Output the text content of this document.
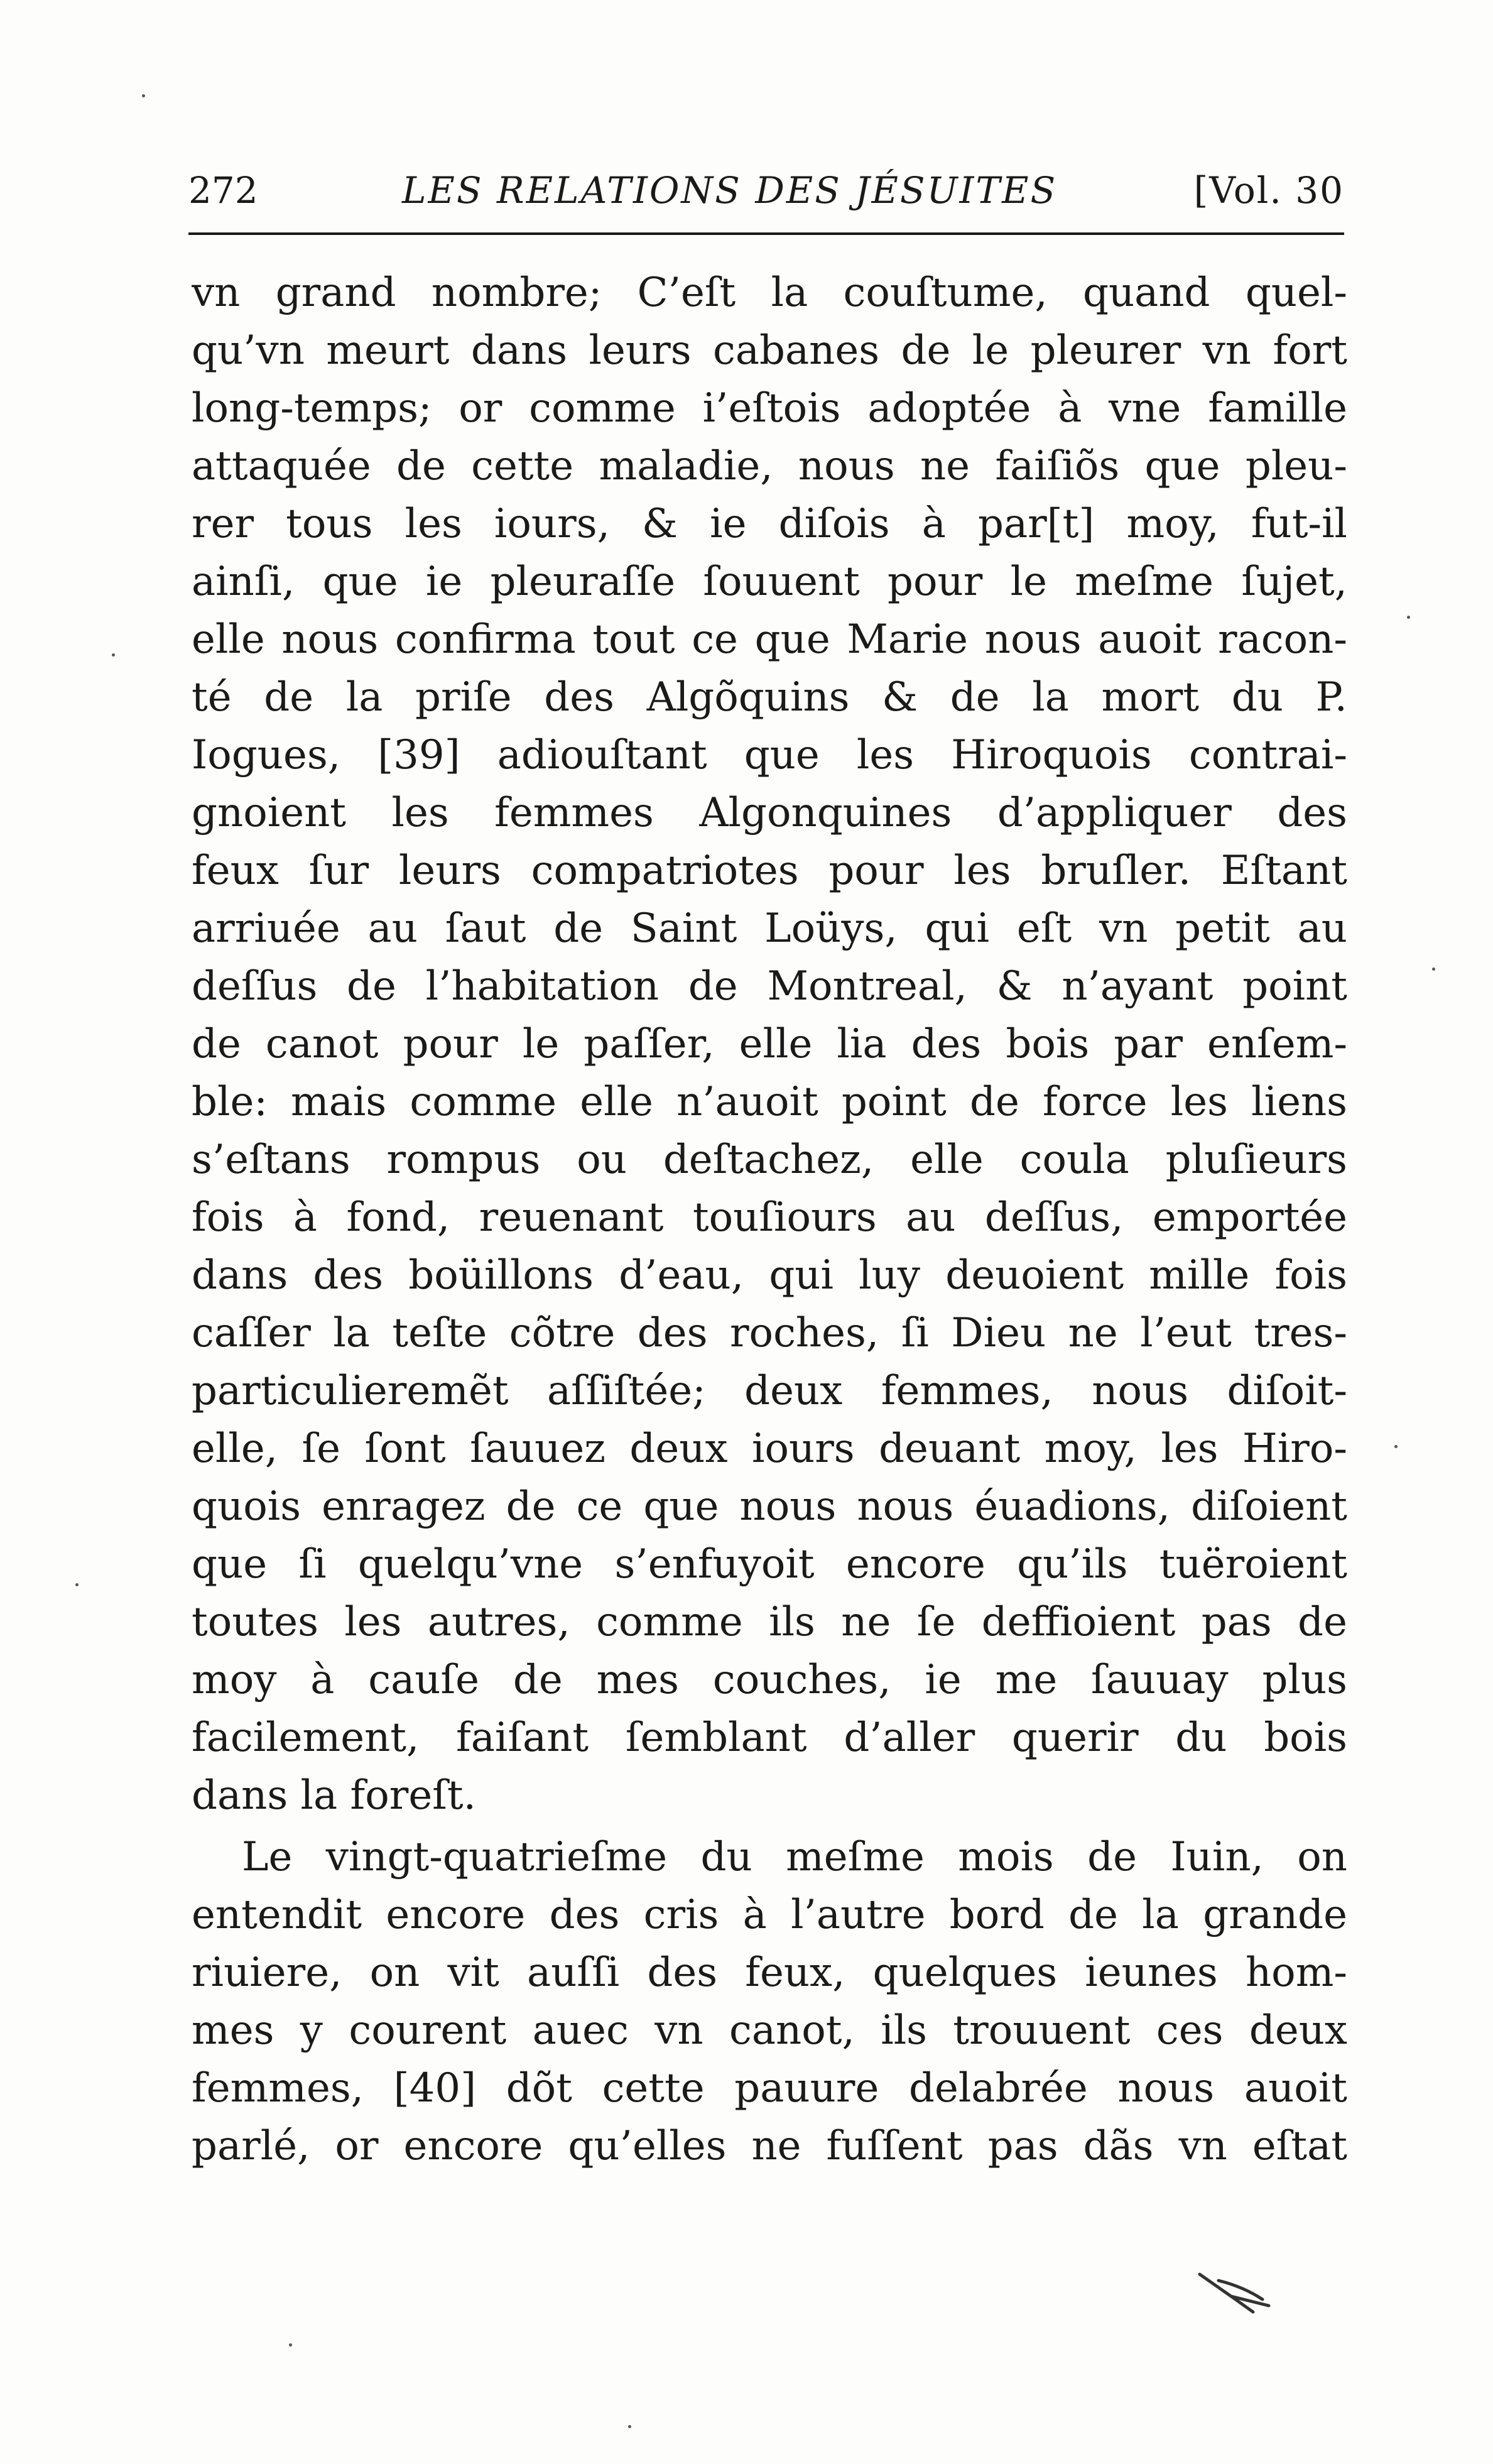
272	LES RELATIONS DES JÉSUITES	[Vol. 30
vn grand nombre; C’eſt la couſtume, quand quel-
qu’vn meurt dans leurs cabanes de le pleurer vn fort
long-temps; or comme i’eſtois adoptée à vne famille
attaquée de cette maladie, nous ne faiſiõs que pleu-
rer tous les iours, & ie diſois à par[t] moy, fut-il
ainſi, que ie pleuraſſe ſouuent pour le meſme ſujet,
elle nous confirma tout ce que Marie nous auoit racon-
té de la priſe des Algõquins & de la mort du P.
Iogues, [39] adiouſtant que les Hiroquois contrai-
gnoient les femmes Algonquines d’appliquer des
feux ſur leurs compatriotes pour les bruſler. Eſtant
arriuée au ſaut de Saint Loüys, qui eſt vn petit au
deſſus de l’habitation de Montreal, & n’ayant point
de canot pour le paſſer, elle lia des bois par enſem-
ble: mais comme elle n’auoit point de force les liens
s’eſtans rompus ou deſtachez, elle coula pluſieurs
fois à fond, reuenant touſiours au deſſus, emportée
dans des boüillons d’eau, qui luy deuoient mille fois
caſſer la teſte cõtre des roches, ſi Dieu ne l’eut tres-
particulieremẽt aſſiſtée; deux femmes, nous diſoit-
elle, ſe ſont ſauuez deux iours deuant moy, les Hiro-
quois enragez de ce que nous nous éuadions, diſoient
que ſi quelqu’vne s’enfuyoit encore qu’ils tuëroient
toutes les autres, comme ils ne ſe deffioient pas de
moy à cauſe de mes couches, ie me ſauuay plus
facilement, faiſant ſemblant d’aller querir du bois
dans la foreſt.
Le vingt-quatrieſme du meſme mois de Iuin, on
entendit encore des cris à l’autre bord de la grande
riuiere, on vit auſſi des feux, quelques ieunes hom-
mes y courent auec vn canot, ils trouuent ces deux
femmes, [40] dõt cette pauure delabrée nous auoit
parlé, or encore qu’elles ne fuſſent pas dãs vn eſtat
